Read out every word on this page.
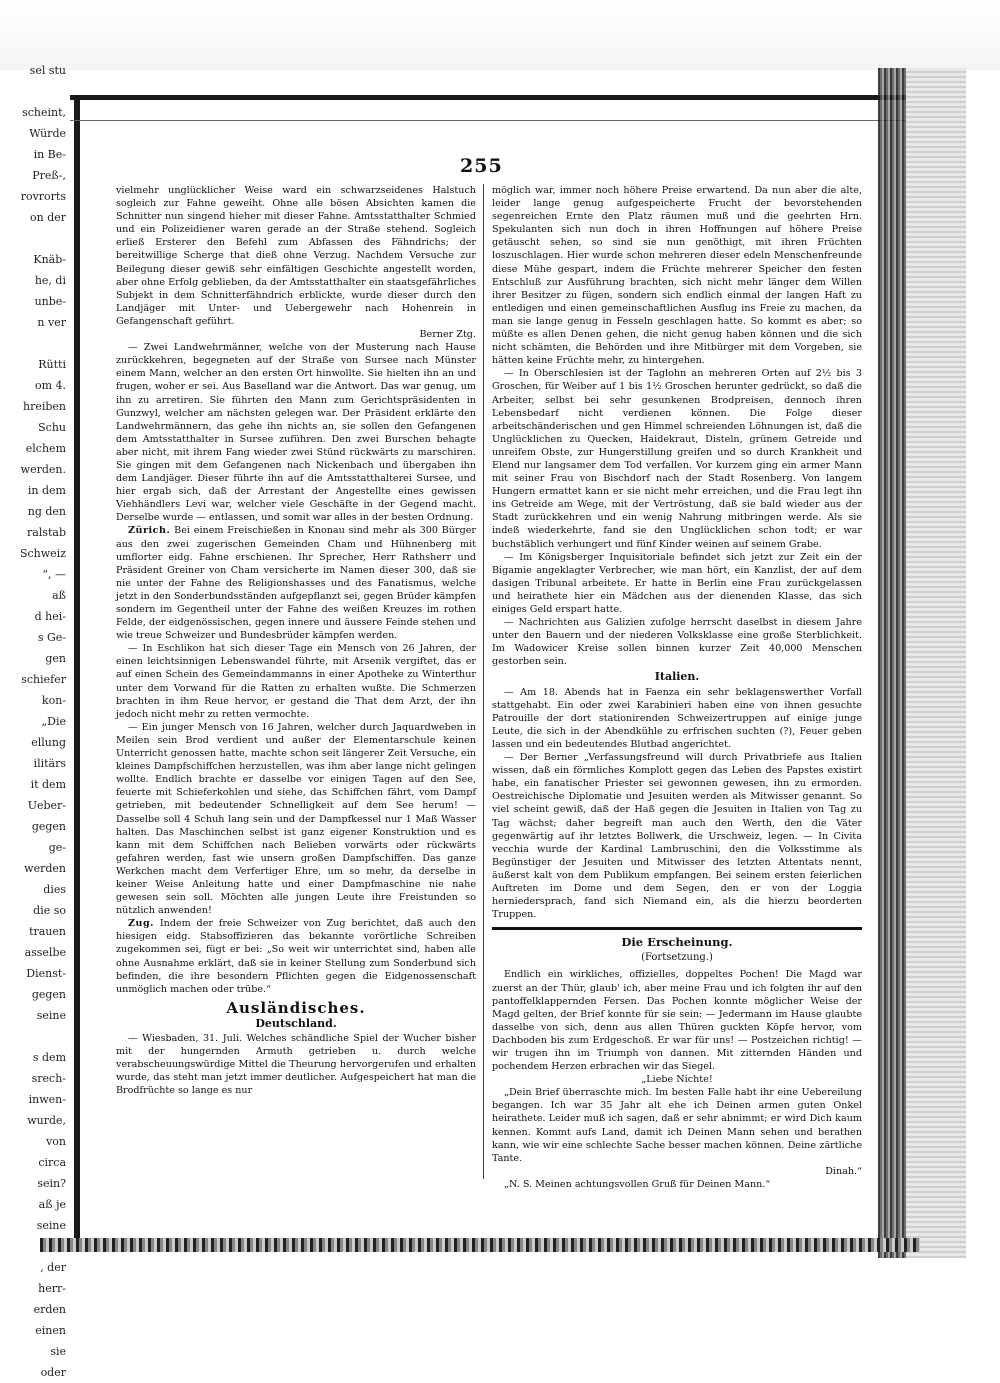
sel stu
scheint,
Würde
in Be-
Preß-,
rovrorts
on der
Knäb-
he, di
unbe-
n ver
Rütti
om 4.
hreiben
Schu
elchem
werden.
in dem
ng den
ralstab
Schweiz
“, —
aß
d hei-
s Ge-
gen
schiefer
kon-
„Die
ellung
ilitärs
it dem
Ueber-
gegen
ge-
werden
dies
die so
trauen
asselbe
Dienst-
gegen
seine
s dem
srech-
inwen-
wurde,
von
circa
sein?
aß je
seine
, der
herr-
erden
einen
sie
oder
255

vielmehr unglücklicher Weise ward ein schwarzseidenes Halstuch sogleich zur Fahne geweiht. Ohne alle bösen Absichten kamen die Schnitter nun singend hieher mit dieser Fahne. Amtsstatthalter Schmied und ein Polizeidiener waren gerade an der Straße stehend. Sogleich erließ Ersterer den Befehl zum Abfassen des Fähndrichs; der bereitwillige Scherge that dieß ohne Verzug. Nachdem Versuche zur Beilegung dieser gewiß sehr einfältigen Geschichte angestellt worden, aber ohne Erfolg geblieben, da der Amtsstatthalter ein staatsgefährliches Subjekt in dem Schnitterfähndrich erblickte, wurde dieser durch den Landjäger mit Unter- und Uebergewehr nach Hohenrein in Gefangenschaft geführt.

Berner Ztg.

— Zwei Landwehrmänner, welche von der Musterung nach Hause zurückkehren, begegneten auf der Straße von Sursee nach Münster einem Mann, welcher an den ersten Ort hinwollte. Sie hielten ihn an und frugen, woher er sei. Aus Baselland war die Antwort. Das war genug, um ihn zu arretiren. Sie führten den Mann zum Gerichtspräsidenten in Gunzwyl, welcher am nächsten gelegen war. Der Präsident erklärte den Landwehrmännern, das gehe ihn nichts an, sie sollen den Gefangenen dem Amtsstatthalter in Sursee zuführen. Den zwei Burschen behagte aber nicht, mit ihrem Fang wieder zwei Stünd rückwärts zu marschiren. Sie gingen mit dem Gefangenen nach Nickenbach und übergaben ihn dem Landjäger. Dieser führte ihn auf die Amtsstatthalterei Sursee, und hier ergab sich, daß der Arrestant der Angestellte eines gewissen Viehhändlers Levi war, welcher viele Geschäfte in der Gegend macht. Derselbe wurde — entlassen, und somit war alles in der besten Ordnung.

Zürich. Bei einem Freischießen in Knonau sind mehr als 300 Bürger aus den zwei zugerischen Gemeinden Cham und Hühnenberg mit umflorter eidg. Fahne erschienen. Ihr Sprecher, Herr Rathsherr und Präsident Greiner von Cham versicherte im Namen dieser 300, daß sie nie unter der Fahne des Religionshasses und des Fanatismus, welche jetzt in den Sonderbundsständen aufgepflanzt sei, gegen Brüder kämpfen sondern im Gegentheil unter der Fahne des weißen Kreuzes im rothen Felde, der eidgenössischen, gegen innere und äussere Feinde stehen und wie treue Schweizer und Bundesbrüder kämpfen werden.

— In Eschlikon hat sich dieser Tage ein Mensch von 26 Jahren, der einen leichtsinnigen Lebenswandel führte, mit Arsenik vergiftet, das er auf einen Schein des Gemeindammanns in einer Apotheke zu Winterthur unter dem Vorwand für die Ratten zu erhalten wußte. Die Schmerzen brachten in ihm Reue hervor, er gestand die That dem Arzt, der ihn jedoch nicht mehr zu retten vermochte.

— Ein junger Mensch von 16 Jahren, welcher durch Jaquardweben in Meilen sein Brod verdient und außer der Elementarschule keinen Unterricht genossen hatte, machte schon seit längerer Zeit Versuche, ein kleines Dampfschiffchen herzustellen, was ihm aber lange nicht gelingen wollte. Endlich brachte er dasselbe vor einigen Tagen auf den See, feuerte mit Schieferkohlen und siehe, das Schiffchen fährt, vom Dampf getrieben, mit bedeutender Schnelligkeit auf dem See herum! — Dasselbe soll 4 Schuh lang sein und der Dampfkessel nur 1 Maß Wasser halten. Das Maschinchen selbst ist ganz eigener Konstruktion und es kann mit dem Schiffchen nach Belieben vorwärts oder rückwärts gefahren werden, fast wie unsern großen Dampfschiffen. Das ganze Werkchen macht dem Verfertiger Ehre, um so mehr, da derselbe in keiner Weise Anleitung hatte und einer Dampfmaschine nie nahe gewesen sein soll. Möchten alle jungen Leute ihre Freistunden so nützlich anwenden!

Zug. Indem der freie Schweizer von Zug berichtet, daß auch den hiesigen eidg. Stabsoffizieren das bekannte vorörtliche Schreiben zugekommen sei, fügt er bei: „So weit wir unterrichtet sind, haben alle ohne Ausnahme erklärt, daß sie in keiner Stellung zum Sonderbund sich befinden, die ihre besondern Pflichten gegen die Eidgenossenschaft unmöglich machen oder trübe.“

Ausländisches.
Deutschland.

— Wiesbaden, 31. Juli. Welches schändliche Spiel der Wucher bisher mit der hungernden Armuth getrieben u. durch welche verabscheuungswürdige Mittel die Theurung hervorgerufen und erhalten wurde, das steht man jetzt immer deutlicher. Aufgespeichert hat man die Brodfrüchte so lange es nur

möglich war, immer noch höhere Preise erwartend. Da nun aber die alte, leider lange genug aufgespeicherte Frucht der bevorstehenden segenreichen Ernte den Platz räumen muß und die geehrten Hrn. Spekulanten sich nun doch in ihren Hoffnungen auf höhere Preise getäuscht sehen, so sind sie nun genöthigt, mit ihren Früchten loszuschlagen. Hier wurde schon mehreren dieser edeln Menschenfreunde diese Mühe gespart, indem die Früchte mehrerer Speicher den festen Entschluß zur Ausführung brachten, sich nicht mehr länger dem Willen ihrer Besitzer zu fügen, sondern sich endlich einmal der langen Haft zu entledigen und einen gemeinschaftlichen Ausflug ins Freie zu machen, da man sie lange genug in Fesseln geschlagen hatte. So kommt es aber; so müßte es allen Denen gehen, die nicht genug haben können und die sich nicht schämten, die Behörden und ihre Mitbürger mit dem Vorgeben, sie hätten keine Früchte mehr, zu hintergehen.

— In Oberschlesien ist der Taglohn an mehreren Orten auf 2½ bis 3 Groschen, für Weiber auf 1 bis 1½ Groschen herunter gedrückt, so daß die Arbeiter, selbst bei sehr gesunkenen Brodpreisen, dennoch ihren Lebensbedarf nicht verdienen können. Die Folge dieser arbeitschänderischen und gen Himmel schreienden Löhnungen ist, daß die Unglücklichen zu Quecken, Haidekraut, Disteln, grünem Getreide und unreifem Obste, zur Hungerstillung greifen und so durch Krankheit und Elend nur langsamer dem Tod verfallen. Vor kurzem ging ein armer Mann mit seiner Frau von Bischdorf nach der Stadt Rosenberg. Von langem Hungern ermattet kann er sie nicht mehr erreichen, und die Frau legt ihn ins Getreide am Wege, mit der Vertröstung, daß sie bald wieder aus der Stadt zurückkehren und ein wenig Nahrung mitbringen werde. Als sie indeß wiederkehrte, fand sie den Unglücklichen schon todt; er war buchstäblich verhungert und fünf Kinder weinen auf seinem Grabe.

— Im Königsberger Inquisitoriale befindet sich jetzt zur Zeit ein der Bigamie angeklagter Verbrecher, wie man hört, ein Kanzlist, der auf dem dasigen Tribunal arbeitete. Er hatte in Berlin eine Frau zurückgelassen und heirathete hier ein Mädchen aus der dienenden Klasse, das sich einiges Geld erspart hatte.

— Nachrichten aus Galizien zufolge herrscht daselbst in diesem Jahre unter den Bauern und der niederen Volksklasse eine große Sterblichkeit. Im Wadowicer Kreise sollen binnen kurzer Zeit 40,000 Menschen gestorben sein.

Italien.

— Am 18. Abends hat in Faenza ein sehr beklagenswerther Vorfall stattgehabt. Ein oder zwei Karabinieri haben eine von ihnen gesuchte Patrouille der dort stationirenden Schweizertruppen auf einige junge Leute, die sich in der Abendkühle zu erfrischen suchten (?), Feuer geben lassen und ein bedeutendes Blutbad angerichtet.

— Der Berner „Verfassungsfreund will durch Privatbriefe aus Italien wissen, daß ein förmliches Komplott gegen das Leben des Papstes existirt habe, ein fanatischer Priester sei gewonnen gewesen, ihn zu ermorden. Oestreichische Diplomatie und Jesuiten werden als Mitwisser genannt. So viel scheint gewiß, daß der Haß gegen die Jesuiten in Italien von Tag zu Tag wächst; daher begreift man auch den Werth, den die Väter gegenwärtig auf ihr letztes Bollwerk, die Urschweiz, legen. — In Civita vecchia wurde der Kardinal Lambruschini, den die Volksstimme als Begünstiger der Jesuiten und Mitwisser des letzten Attentats nennt, äußerst kalt von dem Publikum empfangen. Bei seinem ersten feierlichen Auftreten im Dome und dem Segen, den er von der Loggia herniedersprach, fand sich Niemand ein, als die hierzu beorderten Truppen.

Die Erscheinung.
(Fortsetzung.)

Endlich ein wirkliches, offizielles, doppeltes Pochen! Die Magd war zuerst an der Thür, glaub' ich, aber meine Frau und ich folgten ihr auf den pantoffelklappernden Fersen. Das Pochen konnte möglicher Weise der Magd gelten, der Brief konnte für sie sein; — Jedermann im Hause glaubte dasselbe von sich, denn aus allen Thüren guckten Köpfe hervor, vom Dachboden bis zum Erdgeschoß. Er war für uns! — Postzeichen richtig! — wir trugen ihn im Triumph von dannen. Mit zitternden Händen und pochendem Herzen erbrachen wir das Siegel.

„Liebe Nichte!

„Dein Brief überraschte mich. Im besten Falle habt ihr eine Uebereilung begangen. Ich war 35 Jahr alt ehe ich Deinen armen guten Onkel heirathete. Leider muß ich sagen, daß er sehr abnimmt; er wird Dich kaum kennen. Kommt aufs Land, damit ich Deinen Mann sehen und berathen kann, wie wir eine schlechte Sache besser machen können. Deine zärtliche Tante.

Dinah.“

„N. S. Meinen achtungsvollen Gruß für Deinen Mann.“
